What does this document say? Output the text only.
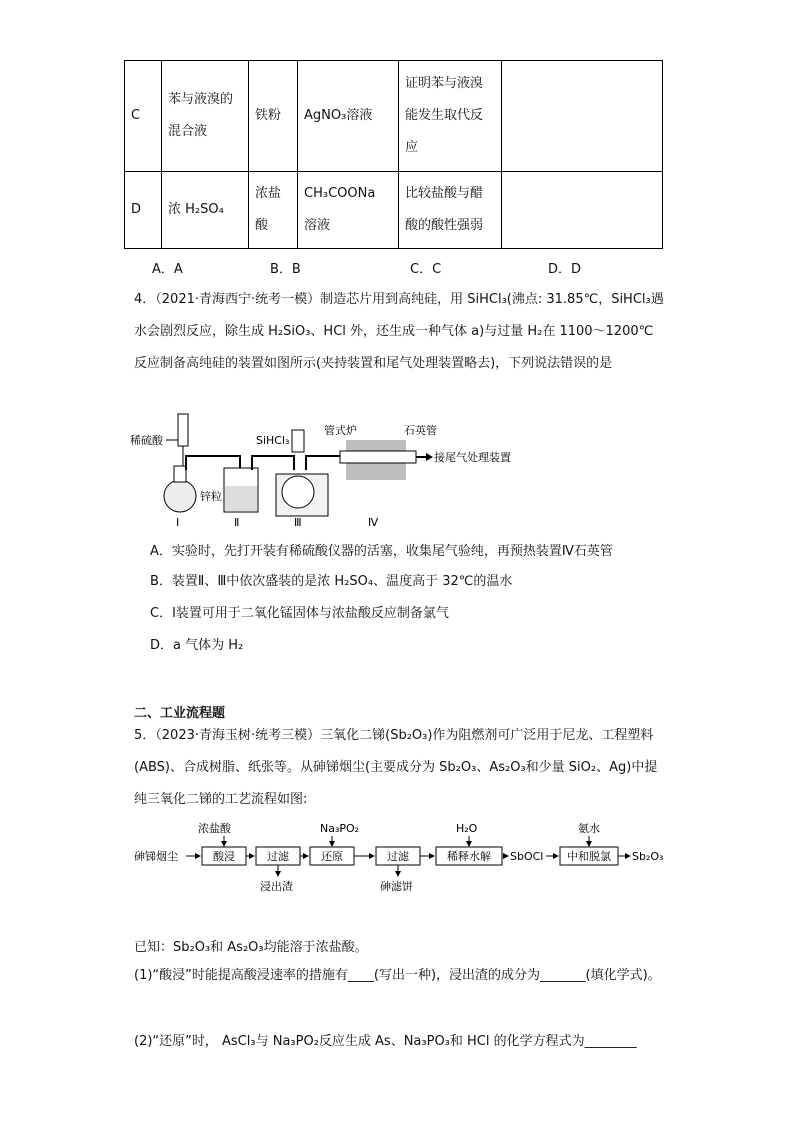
C	苯与液溴的混合液	铁粉	AgNO₃溶液	证明苯与液溴能发生取代反应	
D	浓 H₂SO₄	浓盐酸	CH₃COONa 溶液	比较盐酸与醋酸的酸性强弱	
A．A	B．B	C．C	D．D
4．（2021·青海西宁·统考一模）制造芯片用到高纯硅，用 SiHCl₃(沸点: 31.85℃，SiHCl₃遇水会剧烈反应，除生成 H₂SiO₃、HCl 外，还生成一种气体 a)与过量 H₂在 1100～1200℃反应制备高纯硅的装置如图所示(夹持装置和尾气处理装置略去)，下列说法错误的是
稀硫酸
锌粒
Ⅰ	Ⅱ
SiHCl₃
Ⅲ
管式炉	石英管
接尾气处理装置
Ⅳ
A．实验时，先打开装有稀硫酸仪器的活塞，收集尾气验纯，再预热装置Ⅳ石英管
B．装置Ⅱ、Ⅲ中依次盛装的是浓 H₂SO₄、温度高于 32℃的温水
C．Ⅰ装置可用于二氧化锰固体与浓盐酸反应制备氯气
D．a 气体为 H₂
二、工业流程题
5．（2023·青海玉树·统考三模）三氧化二锑(Sb₂O₃)作为阻燃剂可广泛用于尼龙、工程塑料(ABS)、合成树脂、纸张等。从砷锑烟尘(主要成分为 Sb₂O₃、As₂O₃和少量 SiO₂、Ag)中提纯三氧化二锑的工艺流程如图:
砷锑烟尘	酸浸
浓盐酸
过滤
浸出渣
还原
Na₃PO₂
过滤
砷滤饼
稀释水解
H₂O
SbOCl 中和脱氯
氨水
Sb₂O₃
已知：Sb₂O₃和 As₂O₃均能溶于浓盐酸。
(1)“酸浸”时能提高酸浸速率的措施有____(写出一种)，浸出渣的成分为_______(填化学式)。
(2)“还原”时， AsCl₃与 Na₃PO₂反应生成 As、Na₃PO₃和 HCl 的化学方程式为________
